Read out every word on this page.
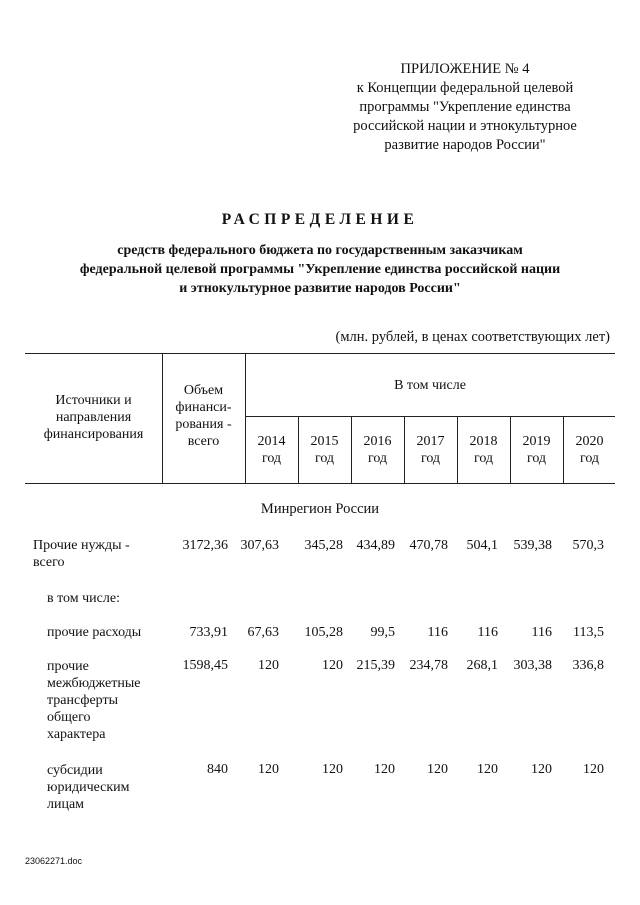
ПРИЛОЖЕНИЕ № 4
к Концепции федеральной целевой
программы "Укрепление единства
российской нации и этнокультурное
развитие народов России"
РАСПРЕДЕЛЕНИЕ
средств федерального бюджета по государственным заказчикам
федеральной целевой программы "Укрепление единства российской нации
и этнокультурное развитие народов России"
(млн. рублей, в ценах соответствующих лет)
Источники и
направления
финансирования
Объем
финанси-
рования -
всего
В том числе
2014
год
2015
год
2016
год
2017
год
2018
год
2019
год
2020
год
Минрегион России
Прочие нужды -
всего
3172,36 307,63	345,28 434,89	470,78	504,1	539,38	570,3
в том числе:
прочие расходы	733,91	67,63	105,28	99,5	116	116	116	113,5
прочие
межбюджетные
трансферты
общего
характера
1598,45	120	120 215,39	234,78	268,1	303,38	336,8
субсидии
юридическим
лицам
840	120	120	120	120	120	120	120
23062271.doc
